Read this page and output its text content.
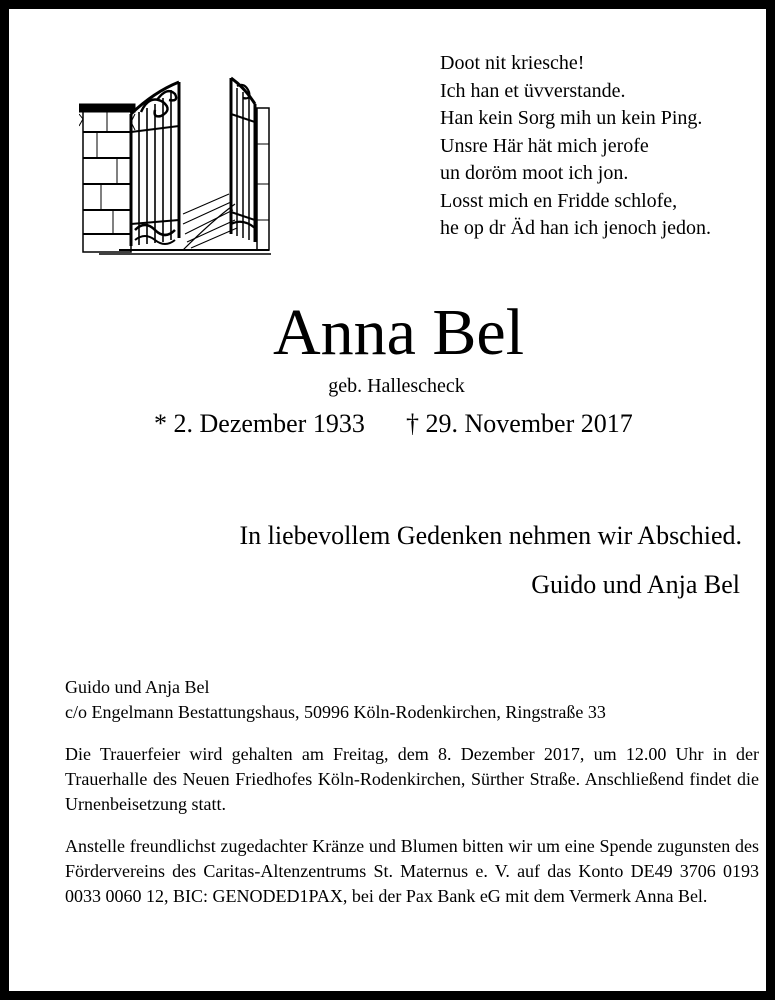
Doot nit kriesche!
Ich han et üvverstande.
Han kein Sorg mih un kein Ping.
Unsre Här hät mich jerofe
un doröm moot ich jon.
Losst mich en Fridde schlofe,
he op dr Äd han ich jenoch jedon.
Anna Bel
geb. Hallescheck
* 2. Dezember 1933 † 29. November 2017
In liebevollem Gedenken nehmen wir Abschied.
Guido und Anja Bel
Guido und Anja Bel
c/o Engelmann Bestattungshaus, 50996 Köln-Rodenkirchen, Ringstraße 33
Die Trauerfeier wird gehalten am Freitag, dem 8. Dezember 2017, um 12.00 Uhr in der Trauerhalle des Neuen Friedhofes Köln-Rodenkirchen, Sürther Straße. Anschließend findet die Urnenbeisetzung statt.
Anstelle freundlichst zugedachter Kränze und Blumen bitten wir um eine Spende zugunsten des Fördervereins des Caritas-Altenzentrums St. Maternus e. V. auf das Konto DE49 3706 0193 0033 0060 12, BIC: GENODED1PAX, bei der Pax Bank eG mit dem Vermerk Anna Bel.
